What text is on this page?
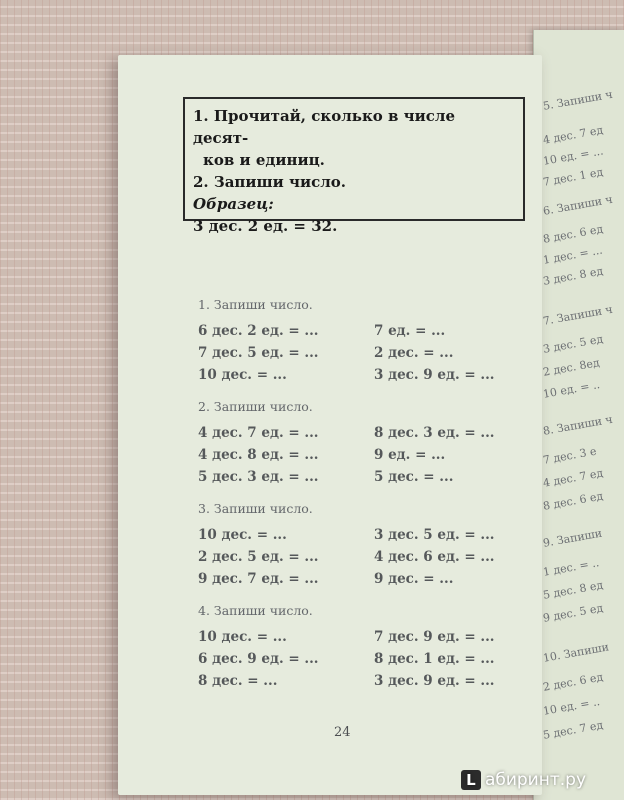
5. Запиши ч
4 дес. 7 ед
10 ед. = ...
7 дес. 1 ед
6. Запиши ч
8 дес. 6 ед
1 дес. = ...
3 дес. 8 ед
7. Запиши ч
3 дес. 5 ед
2 дес. 8ед
10 ед. = ..
8. Запиши ч
7 дес. 3 е
4 дес. 7 ед
8 дес. 6 ед
9. Запиши
1 дес. = ..
5 дес. 8 ед
9 дес. 5 ед
10. Запиши
2 дес. 6 ед
10 ед. = ..
5 дес. 7 ед
1. Прочитай, сколько в числе десят-
ков и единиц.
2. Запиши число.
Образец:
3 дес. 2 ед. = 32.
1. Запиши число.
6 дес. 2 ед. = ...	7 ед. = ...
7 дес. 5 ед. = ...	2 дес. = ...
10 дес. = ...	3 дес. 9 ед. = ...
2. Запиши число.
4 дес. 7 ед. = ...	8 дес. 3 ед. = ...
4 дес. 8 ед. = ...	9 ед. = ...
5 дес. 3 ед. = ...	5 дес. = ...
3. Запиши число.
10 дес. = ...	3 дес. 5 ед. = ...
2 дес. 5 ед. = ...	4 дес. 6 ед. = ...
9 дес. 7 ед. = ...	9 дес. = ...
4. Запиши число.
10 дес. = ...	7 дес. 9 ед. = ...
6 дес. 9 ед. = ...	8 дес. 1 ед. = ...
8 дес. = ...	3 дес. 9 ед. = ...
24
L абиринт.ру
